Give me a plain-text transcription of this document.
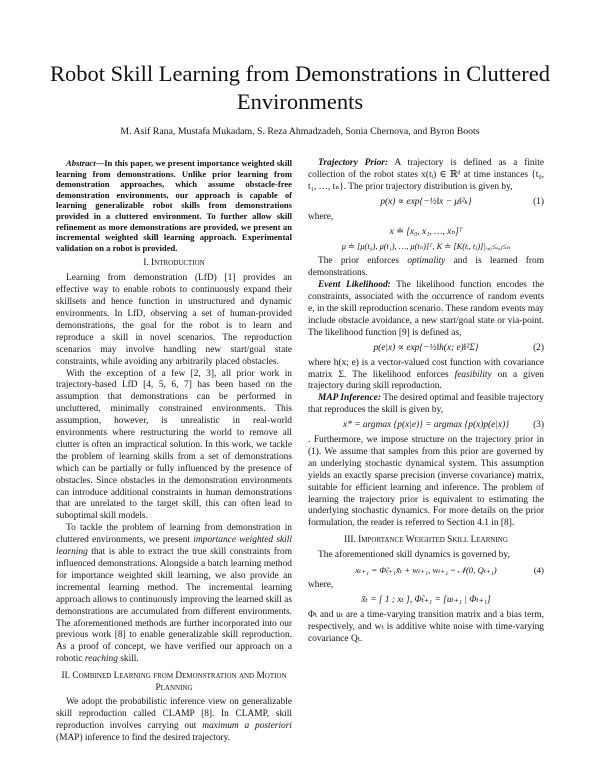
Robot Skill Learning from Demonstrations in Cluttered Environments
M. Asif Rana, Mustafa Mukadam, S. Reza Ahmadzadeh, Sonia Chernova, and Byron Boots

Abstract—In this paper, we present importance weighted skill learning from demonstrations. Unlike prior learning from demonstration approaches, which assume obstacle-free demonstration environments, our approach is capable of learning generalizable robot skills from demonstrations provided in a cluttered environment. To further allow skill refinement as more demonstrations are provided, we present an incremental weighted skill learning approach. Experimental validation on a robot is provided.

I. Introduction

Learning from demonstration (LfD) [1] provides an effective way to enable robots to continuously expand their skillsets and hence function in unstructured and dynamic environments. In LfD, observing a set of human-provided demonstrations, the goal for the robot is to learn and reproduce a skill in novel scenarios. The reproduction scenarios may involve handling new start/goal state constraints, while avoiding any arbitrarily placed obstacles.

With the exception of a few [2, 3], all prior work in trajectory-based LfD [4, 5, 6, 7] has been based on the assumption that demonstrations can be performed in uncluttered, minimally constrained environments. This assumption, however, is unrealistic in real-world environments where restructuring the world to remove all clutter is often an impractical solution. In this work, we tackle the problem of learning skills from a set of demonstrations which can be partially or fully influenced by the presence of obstacles. Since obstacles in the demonstration environments can introduce additional constraints in human demonstrations that are unrelated to the target skill, this can often lead to suboptimal skill models.

To tackle the problem of learning from demonstration in cluttered environments, we present importance weighted skill learning that is able to extract the true skill constraints from influenced demonstrations. Alongside a batch learning method for importance weighted skill learning, we also provide an incremental learning method. The incremental learning approach allows to continuously improving the learned skill as demonstrations are accumulated from different environments. The aforementioned methods are further incorporated into our previous work [8] to enable generalizable skill reproduction. As a proof of concept, we have verified our approach on a robotic reaching skill.

II. Combined Learning from Demonstration and Motion Planning

We adopt the probabilistic inference view on generalizable skill reproduction called CLAMP [8]. In CLAMP, skill reproduction involves carrying out maximum a posteriori (MAP) inference to find the desired trajectory.

Trajectory Prior: A trajectory is defined as a finite collection of the robot states x(tᵢ) ∈ ℝᵈ at time instances {t₀, t₁, …, tₙ}. The prior trajectory distribution is given by,

p(x) ∝ exp{−½‖x − μ‖²ₖ}	(1)

where,

x ≐ [x₀, x₁, …, xₙ]ᵀ
μ ≐ [μ(t₀), μ(t₁), …, μ(tₙ)]ᵀ, K ≐ [K(tᵢ, tⱼ)]|ᵢ,₀≤ᵢ,ⱼ≤ₙ

The prior enforces optimality and is learned from demonstrations.

Event Likelihood: The likelihood function encodes the constraints, associated with the occurrence of random events e, in the skill reproduction scenario. These random events may include obstacle avoidance, a new start/goal state or via-point. The likelihood function [9] is defined as,

p(e|x) ∝ exp{−½‖h(x; e)‖²Σ}	(2)

where h(x; e) is a vector-valued cost function with covariance matrix Σ. The likelihood enforces feasibility on a given trajectory during skill reproduction.

MAP Inference: The desired optimal and feasible trajectory that reproduces the skill is given by,

x* = argmax {p(x|e)} = argmax {p(x)p(e|x)}	(3)

. Furthermore, we impose structure on the trajectory prior in (1). We assume that samples from this prior are governed by an underlying stochastic dynamical system. This assumption yields an exactly sparse precision (inverse covariance) matrix, suitable for efficient learning and inference. The problem of learning the trajectory prior is equivalent to estimating the underlying stochastic dynamics. For more details on the prior formulation, the reader is referred to Section 4.1 in [8].

III. Importance Weighted Skill Learning

The aforementioned skill dynamics is governed by,

xₜ₊₁ = Φ̃ₜ₊₁x̃ₜ + wₜ₊₁, wₜ₊₁ ~ 𝒩(0, Qₜ₊₁)	(4)

where,

x̃ₜ = [ 1 ; xₜ ], Φ̃ₜ₊₁ = [uₜ₊₁ | Φₜ₊₁]

Φₜ and uₜ are a time-varying transition matrix and a bias term, respectively, and wₜ is additive white noise with time-varying covariance Qₜ.
